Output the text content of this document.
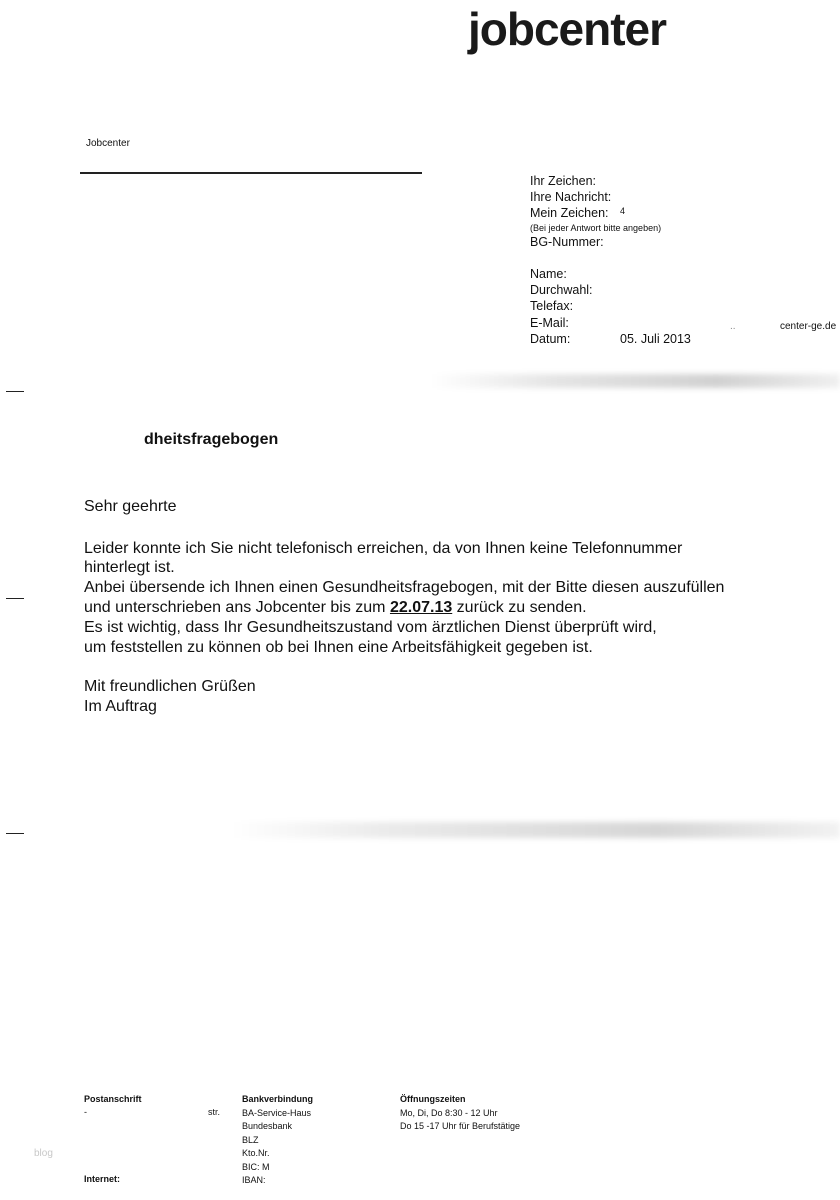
jobcenter
Jobcenter
Ihr Zeichen:
Ihre Nachricht:
Mein Zeichen: 4
(Bei jeder Antwort bitte angeben)
BG-Nummer:
Name:
Durchwahl:
Telefax:
E-Mail:	..	center-ge.de
Datum:	05. Juli 2013
dheitsfragebogen
Sehr geehrte
Leider konnte ich Sie nicht telefonisch erreichen, da von Ihnen keine Telefonnummer
hinterlegt ist.
Anbei übersende ich Ihnen einen Gesundheitsfragebogen, mit der Bitte diesen auszufüllen
und unterschrieben ans Jobcenter bis zum 22.07.13 zurück zu senden.
Es ist wichtig, dass Ihr Gesundheitszustand vom ärztlichen Dienst überprüft wird,
um feststellen zu können ob bei Ihnen eine Arbeitsfähigkeit gegeben ist.
Mit freundlichen Grüßen
Im Auftrag
Postanschrift
-	str.
Internet:
Bankverbindung
BA-Service-Haus
Bundesbank
BLZ
Kto.Nr.
BIC: M
IBAN:
Öffnungszeiten
Mo, Di, Do 8:30 - 12 Uhr
Do 15 -17 Uhr für Berufstätige
blog
